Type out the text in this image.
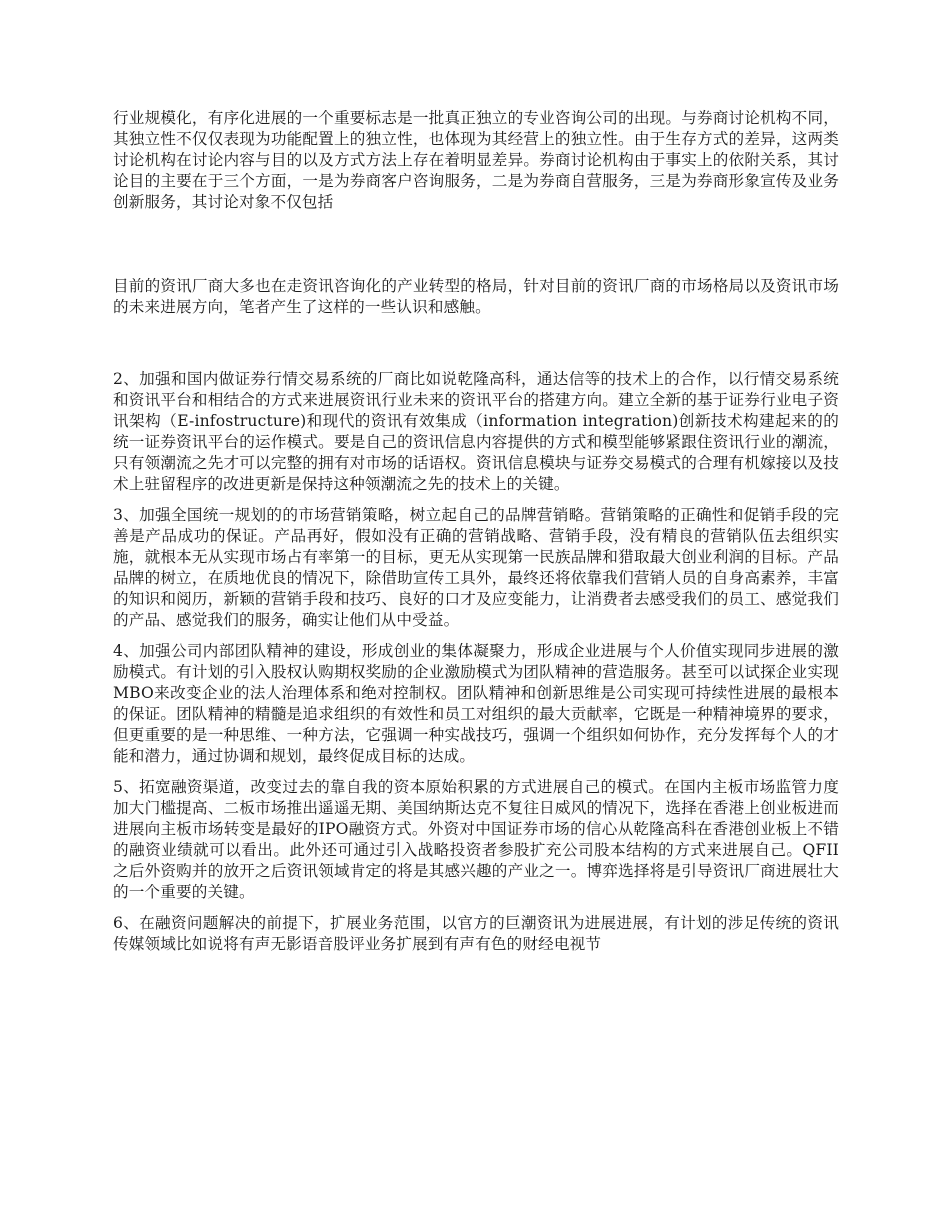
行业规模化，有序化进展的一个重要标志是一批真正独立的专业咨询公司的出现。与券商讨论机构不同，其独立性不仅仅表现为功能配置上的独立性，也体现为其经营上的独立性。由于生存方式的差异，这两类讨论机构在讨论内容与目的以及方式方法上存在着明显差异。券商讨论机构由于事实上的依附关系，其讨论目的主要在于三个方面，一是为券商客户咨询服务，二是为券商自营服务，三是为券商形象宣传及业务创新服务，其讨论对象不仅包括

目前的资讯厂商大多也在走资讯咨询化的产业转型的格局，针对目前的资讯厂商的市场格局以及资讯市场的未来进展方向，笔者产生了这样的一些认识和感触。

2、加强和国内做证券行情交易系统的厂商比如说乾隆高科，通达信等的技术上的合作，以行情交易系统和资讯平台和相结合的方式来进展资讯行业未来的资讯平台的搭建方向。建立全新的基于证券行业电子资讯架构（E-infostructure)和现代的资讯有效集成（information integration)创新技术构建起来的的统一证券资讯平台的运作模式。要是自己的资讯信息内容提供的方式和模型能够紧跟住资讯行业的潮流，只有领潮流之先才可以完整的拥有对市场的话语权。资讯信息模块与证券交易模式的合理有机嫁接以及技术上驻留程序的改进更新是保持这种领潮流之先的技术上的关键。

3、加强全国统一规划的的市场营销策略，树立起自己的品牌营销略。营销策略的正确性和促销手段的完善是产品成功的保证。产品再好，假如没有正确的营销战略、营销手段，没有精良的营销队伍去组织实施，就根本无从实现市场占有率第一的目标，更无从实现第一民族品牌和猎取最大创业利润的目标。产品品牌的树立，在质地优良的情况下，除借助宣传工具外，最终还将依靠我们营销人员的自身高素养，丰富的知识和阅历，新颖的营销手段和技巧、良好的口才及应变能力，让消费者去感受我们的员工、感觉我们的产品、感觉我们的服务，确实让他们从中受益。

4、加强公司内部团队精神的建设，形成创业的集体凝聚力，形成企业进展与个人价值实现同步进展的激励模式。有计划的引入股权认购期权奖励的企业激励模式为团队精神的营造服务。甚至可以试探企业实现MBO来改变企业的法人治理体系和绝对控制权。团队精神和创新思维是公司实现可持续性进展的最根本的保证。团队精神的精髓是追求组织的有效性和员工对组织的最大贡献率，它既是一种精神境界的要求，但更重要的是一种思维、一种方法，它强调一种实战技巧，强调一个组织如何协作，充分发挥每个人的才能和潜力，通过协调和规划，最终促成目标的达成。

5、拓宽融资渠道，改变过去的靠自我的资本原始积累的方式进展自己的模式。在国内主板市场监管力度加大门槛提高、二板市场推出遥遥无期、美国纳斯达克不复往日威风的情况下，选择在香港上创业板进而进展向主板市场转变是最好的IPO融资方式。外资对中国证券市场的信心从乾隆高科在香港创业板上不错的融资业绩就可以看出。此外还可通过引入战略投资者参股扩充公司股本结构的方式来进展自己。QFII之后外资购并的放开之后资讯领域肯定的将是其感兴趣的产业之一。博弈选择将是引导资讯厂商进展壮大的一个重要的关键。

6、在融资问题解决的前提下，扩展业务范围，以官方的巨潮资讯为进展进展，有计划的涉足传统的资讯传媒领域比如说将有声无影语音股评业务扩展到有声有色的财经电视节
